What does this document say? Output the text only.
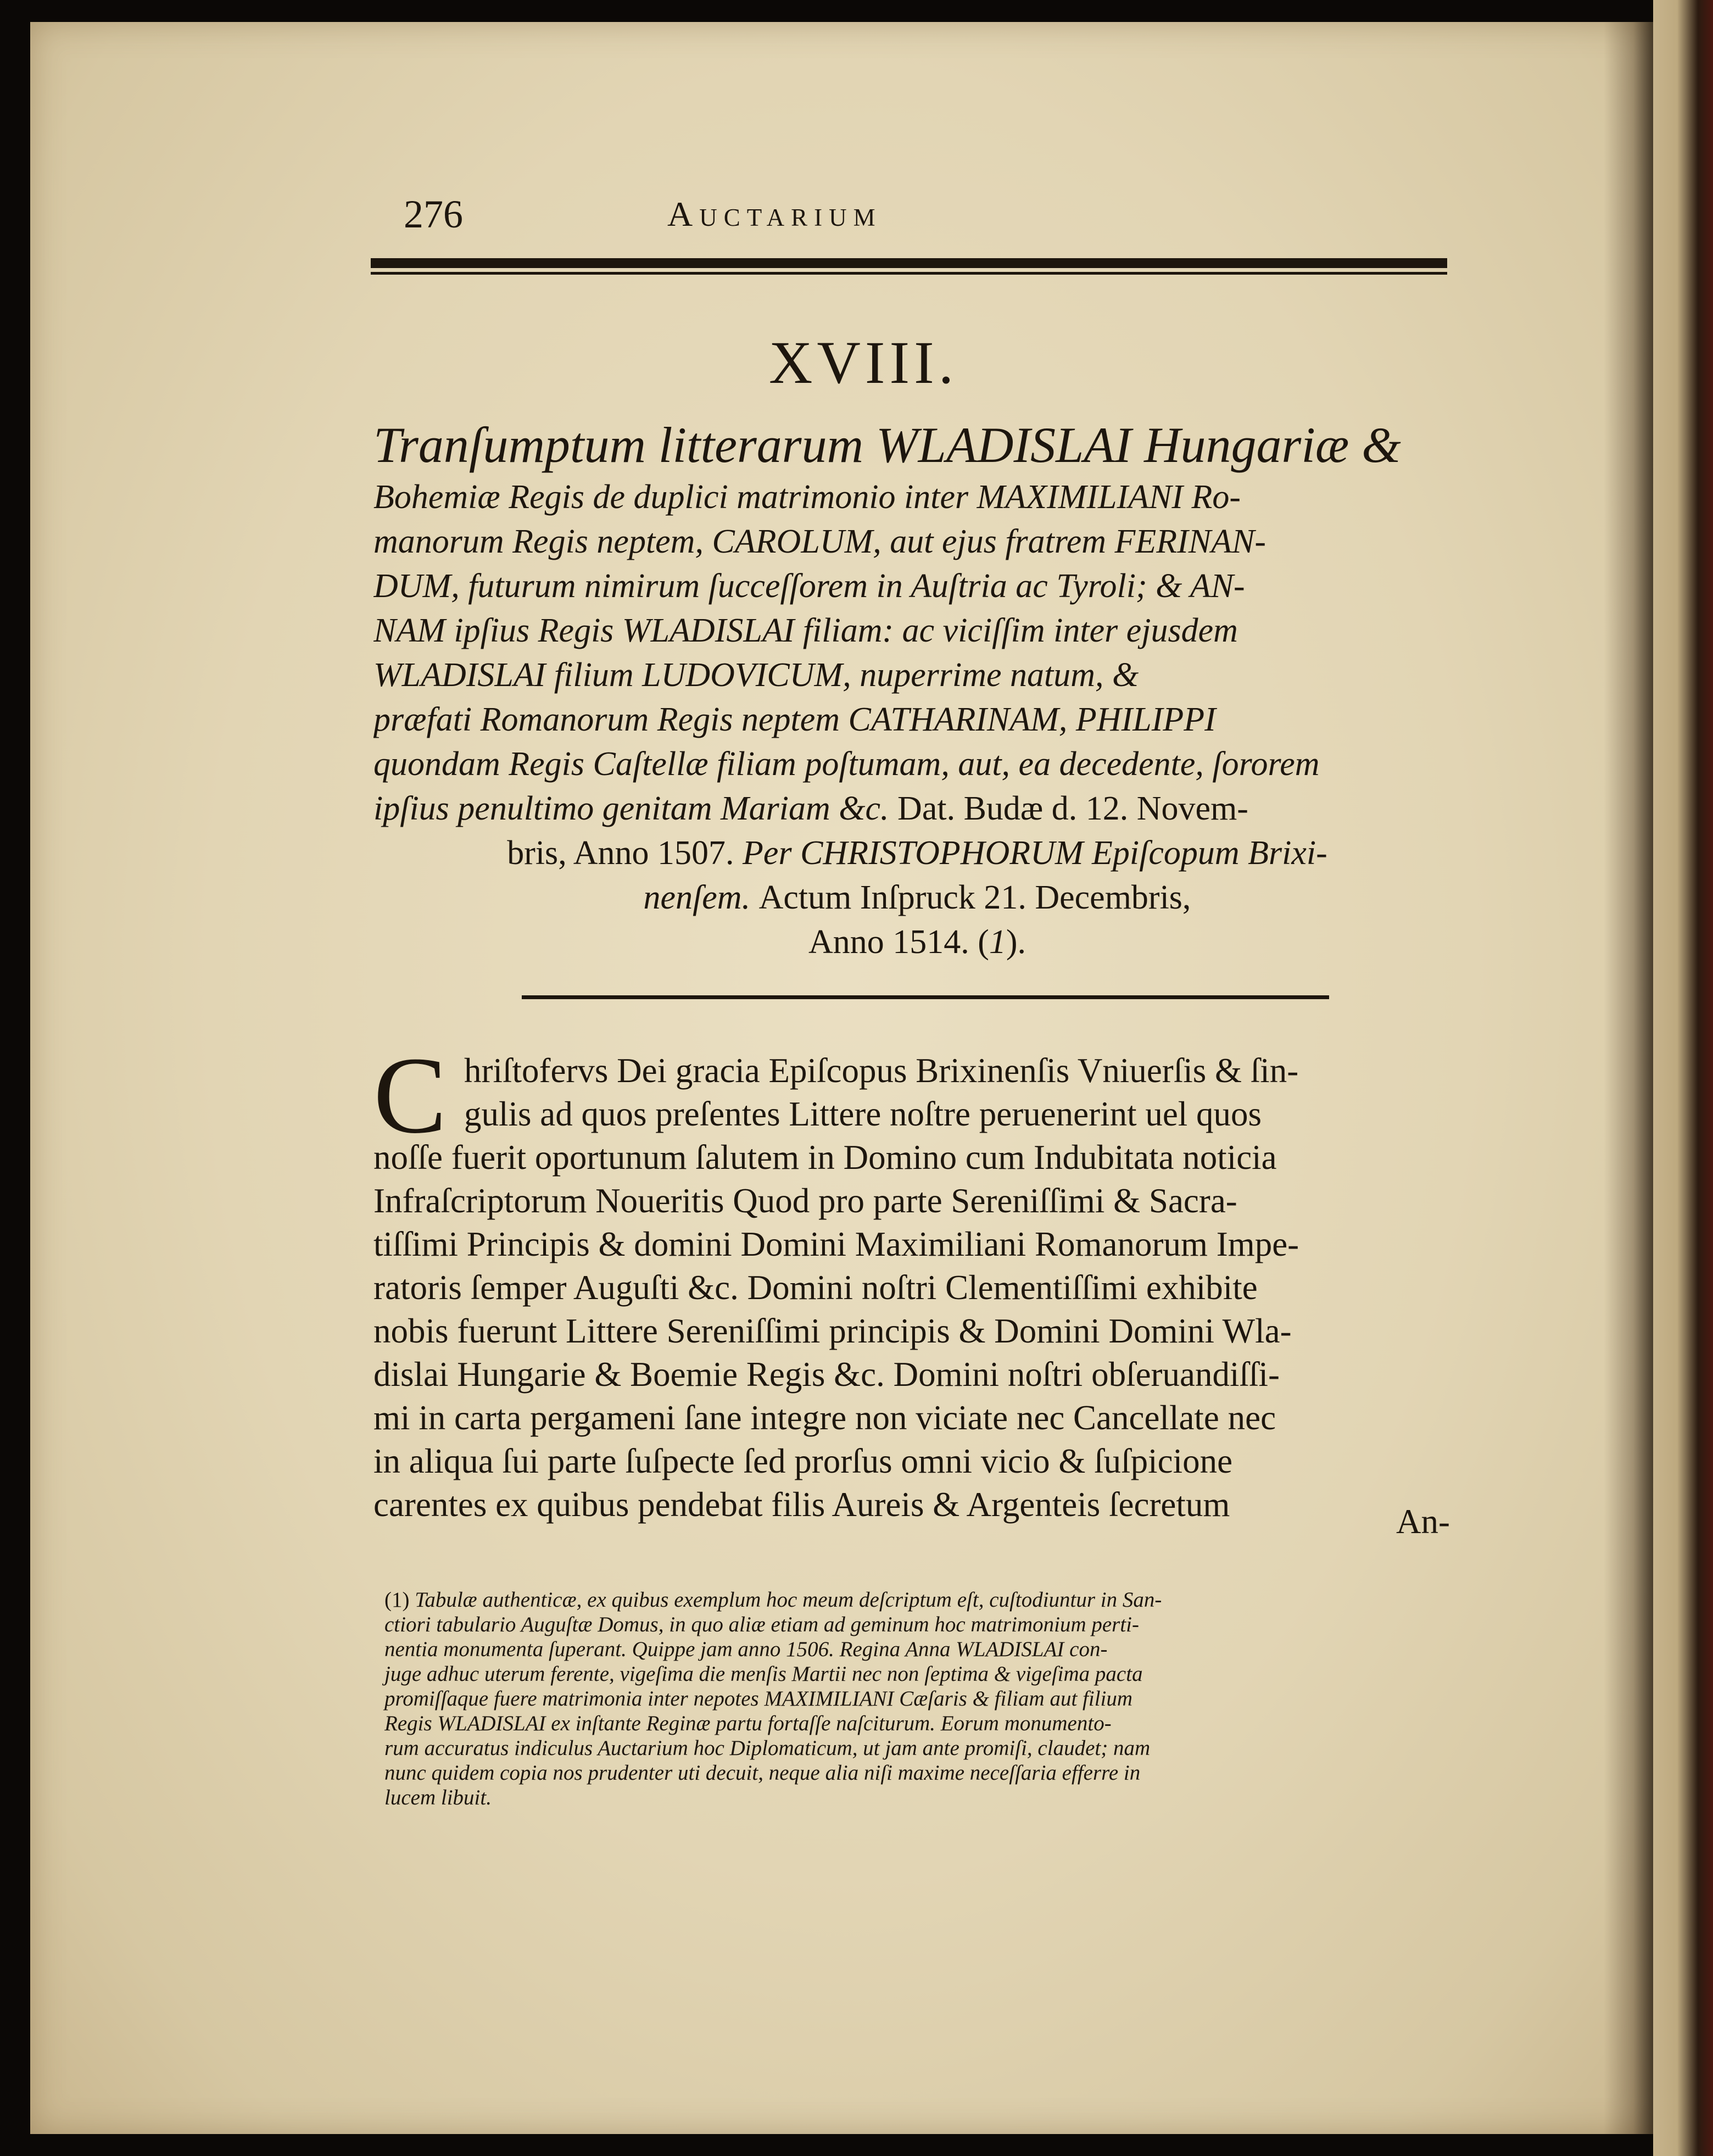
276	Auctarium
XVIII.
Tranſumptum litterarum WLADISLAI Hungariæ &
Bohemiæ Regis de duplici matrimonio inter MAXIMILIANI Ro-
manorum Regis neptem, CAROLUM, aut ejus fratrem FERINAN-
DUM, futurum nimirum ſucceſſorem in Auſtria ac Tyroli; & AN-
NAM ipſius Regis WLADISLAI filiam: ac viciſſim inter ejusdem
WLADISLAI filium LUDOVICUM, nuperrime natum, &
præfati Romanorum Regis neptem CATHARINAM, PHILIPPI
quondam Regis Caſtellæ filiam poſtumam, aut, ea decedente, ſororem
ipſius penultimo genitam Mariam &c. Dat. Budæ d. 12. Novem-
bris, Anno 1507. Per CHRISTOPHORUM Epiſcopum Brixi-
nenſem. Actum Inſpruck 21. Decembris,
Anno 1514. (1).
C hriſtofervs Dei gracia Epiſcopus Brixinenſis Vniuerſis & ſin-
gulis ad quos preſentes Littere noſtre peruenerint uel quos
noſſe fuerit oportunum ſalutem in Domino cum Indubitata noticia
Infraſcriptorum Noueritis Quod pro parte Sereniſſimi & Sacra-
tiſſimi Principis & domini Domini Maximiliani Romanorum Impe-
ratoris ſemper Auguſti &c. Domini noſtri Clementiſſimi exhibite
nobis fuerunt Littere Sereniſſimi principis & Domini Domini Wla-
dislai Hungarie & Boemie Regis &c. Domini noſtri obſeruandiſſi-
mi in carta pergameni ſane integre non viciate nec Cancellate nec
in aliqua ſui parte ſuſpecte ſed prorſus omni vicio & ſuſpicione
carentes ex quibus pendebat filis Aureis & Argenteis ſecretum	An-
(1) Tabulæ authenticæ, ex quibus exemplum hoc meum deſcriptum eſt, cuſtodiuntur in San-
ctiori tabulario Auguſtæ Domus, in quo aliæ etiam ad geminum hoc matrimonium perti-
nentia monumenta ſuperant. Quippe jam anno 1506. Regina Anna WLADISLAI con-
juge adhuc uterum ferente, vigeſima die menſis Martii nec non ſeptima & vigeſima pacta
promiſſaque fuere matrimonia inter nepotes MAXIMILIANI Cæſaris & filiam aut filium
Regis WLADISLAI ex inſtante Reginæ partu fortaſſe naſciturum. Eorum monumento-
rum accuratus indiculus Auctarium hoc Diplomaticum, ut jam ante promiſi, claudet; nam
nunc quidem copia nos prudenter uti decuit, neque alia niſi maxime neceſſaria efferre in
lucem libuit.
